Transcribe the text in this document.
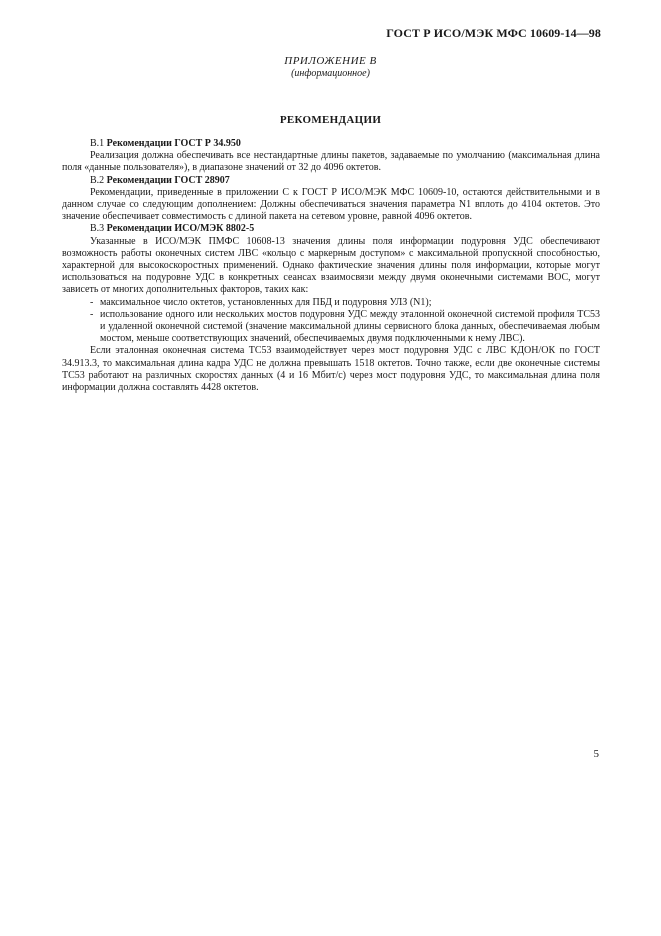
ГОСТ Р ИСО/МЭК МФС 10609-14—98
ПРИЛОЖЕНИЕ В
(информационное)
РЕКОМЕНДАЦИИ

В.1 Рекомендации ГОСТ Р 34.950

Реализация должна обеспечивать все нестандартные длины пакетов, задаваемые по умолчанию (максимальная длина поля «данные пользователя»), в диапазоне значений от 32 до 4096 октетов.

В.2 Рекомендации ГОСТ 28907

Рекомендации, приведенные в приложении С к ГОСТ Р ИСО/МЭК МФС 10609-10, остаются действительными и в данном случае со следующим дополнением: Должны обеспечиваться значения параметра N1 вплоть до 4104 октетов. Это значение обеспечивает совместимость с длиной пакета на сетевом уровне, равной 4096 октетов.

В.3 Рекомендации ИСО/МЭК 8802-5

Указанные в ИСО/МЭК ПМФС 10608-13 значения длины поля информации подуровня УДС обеспечивают возможность работы оконечных систем ЛВС «кольцо с маркерным доступом» с максимальной пропускной способностью, характерной для высокоскоростных применений. Однако фактические значения длины поля информации, которые могут использоваться на подуровне УДС в конкретных сеансах взаимосвязи между двумя оконечными системами ВОС, могут зависеть от многих дополнительных факторов, таких как:

- максимальное число октетов, установленных для ПБД и подуровня УЛЗ (N1);
- использование одного или нескольких мостов подуровня УДС между эталонной оконечной системой профиля ТС53 и удаленной оконечной системой (значение максимальной длины сервисного блока данных, обеспечиваемая любым мостом, меньше соответствующих значений, обеспечиваемых двумя подключенными к нему ЛВС).

Если эталонная оконечная система ТС53 взаимодействует через мост подуровня УДС с ЛВС КДОН/ОК по ГОСТ 34.913.3, то максимальная длина кадра УДС не должна превышать 1518 октетов. Точно также, если две оконечные системы ТС53 работают на различных скоростях данных (4 и 16 Мбит/с) через мост подуровня УДС, то максимальная длина поля информации должна составлять 4428 октетов.

5
